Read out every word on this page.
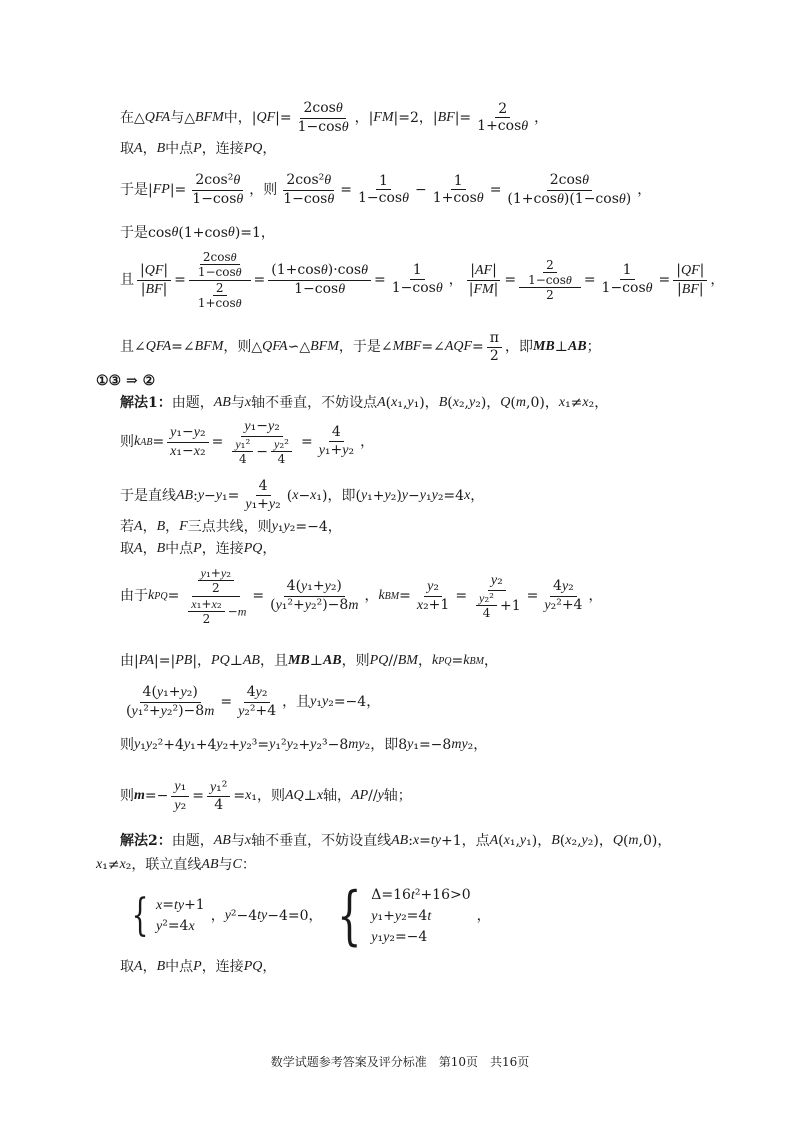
在△ QFA 与△ BFM 中，| QF |= $\frac{2\cos\theta}{1-\cos\theta}$ ，| FM |=2，| BF |= $\frac{2}{1+\cos\theta}$ ，
取 A ， B 中点 P ，连接 PQ ，
于是| FP |= $\frac{\text{2cos²θ}}{1-\cos\theta}$ ，则 $\frac{\text{2cos²θ}}{1-\cos\theta} = \frac{1}{1-\cos\theta} - \frac{1}{1+\cos\theta} = \frac{2\cos\theta}{(1+\cos\theta)(1-\cos\theta)}$ ，
于是cos θ (1+cos θ )=1，
且 $\frac{|QF|}{|BF|} = \frac{\frac{2\cos\theta}{1-\cos\theta}}{\frac{2}{1+\cos\theta}} = \frac{(1+\cos\theta)\cdot\cos\theta}{1-\cos\theta} = \frac{1}{1-\cos\theta}$ ， $\frac{|AF|}{|FM|} = \frac{\frac{2}{1-\cos\theta}}{2} = \frac{1}{1-\cos\theta} = \frac{|QF|}{|BF|}$ ，
且∠ QFA =∠ BFM ，则△ QFA ∽△ BFM ，于是∠ MBF =∠ AQF = $\frac{\pi}{2}$ ，即 MB ⊥ AB ；
①③ ⇒ ②
解法1： 由题， AB 与 x 轴不垂直，不妨设点 A ( x ₁, y ₁)， B ( x ₂, y ₂)， Q ( m ,0)， x ₁≠ x ₂，
则 k AB = $\frac{\text{y₁−y₂}}{\text{x₁−x₂}} = \frac{\text{y₁−y₂}}{\frac{\text{y₁²}}{4} - \frac{\text{y₂²}}{4}} = \frac{4}{\text{y₁+y₂}}$ ，
于是直线 AB : y − y $_1= \frac{4}{\text{y₁+y₂}}$ ( x − x ₁)，即( y ₁+ y ₂) y − y ₁ y ₂=4 x ，
若 A ， B ， F 三点共线，则 y ₁ y ₂=−4，
取 A ， B 中点 P ，连接 PQ ，
由于 k PQ = $\frac{\frac{\text{y₁+y₂}}{2}}{\frac{\text{x₁+x₂}}{2} -m} = \frac{\text{4(y₁+y₂)}}{\text{(y₁²+y₂²)−8m}}$ ， k BM = $\frac{\text{y₂}}{\text{x₂+1}} = \frac{\text{y₂}}{\frac{\text{y₂²}}{4} +1} = \frac{\text{4y₂}}{\text{y₂²+4}}$ ，
由| PA |=| PB |， PQ ⊥ AB ，且 MB ⊥ AB ，则 PQ // BM ， k PQ = k BM ，
$\frac{\text{4(y₁+y₂)}}{\text{(y₁²+y₂²)−8m}} = \frac{\text{4y₂}}{\text{y₂²+4}}$ ，且 y ₁ y ₂=−4，
则 y ₁ y ₂²+4 y ₁+4 y ₂+ y ₂³= y ₁² y ₂+ y ₂³−8 my ₂，即8 y ₁=−8 my ₂，
则 $m =- \frac{\text{y₁}}{\text{y₂}} = \frac{\text{y₁²}}{4} = x$ ₁，则 AQ ⊥ x 轴， AP // y 轴；
解法2： 由题， AB 与 x 轴不垂直，不妨设直线 AB : x = ty +1，点 A ( x ₁, y ₁)， B ( x ₂, y ₂)， Q ( m ,0)，
x ₁≠ x ₂，联立直线 AB 与 C ：
{ x=ty+1
y²=4x
， y ²−4 ty −4=0， { Δ=16t²+16>0
y₁+y₂=4t
y₁y₂=−4
，
取 A ， B 中点 P ，连接 PQ ，
数学试题参考答案及评分标准　第10页　共16页
